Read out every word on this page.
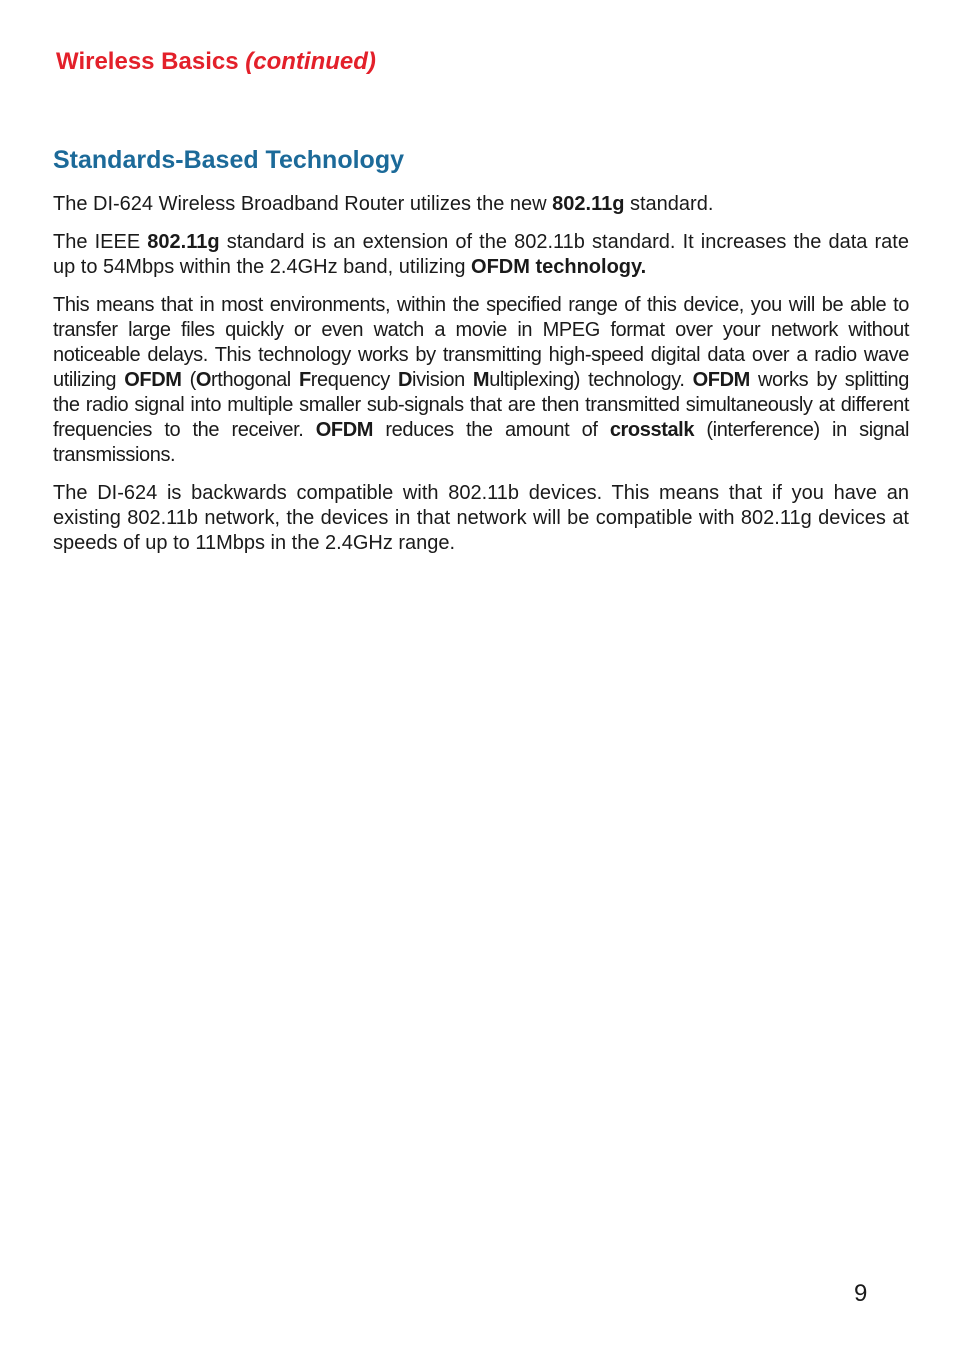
Wireless Basics (continued)
Standards-Based Technology

The DI-624 Wireless Broadband Router utilizes the new 802.11g standard.

The IEEE 802.11g standard is an extension of the 802.11b standard. It increases the data rate up to 54Mbps within the 2.4GHz band, utilizing OFDM technology.

This means that in most environments, within the specified range of this device, you will be able to transfer large files quickly or even watch a movie in MPEG format over your network without noticeable delays. This technology works by transmitting high-speed digital data over a radio wave utilizing OFDM (Orthogonal Frequency Division Multiplexing) technology. OFDM works by splitting the radio signal into multiple smaller sub-signals that are then transmitted simultaneously at different frequencies to the receiver. OFDM reduces the amount of crosstalk (interference) in signal transmissions.

The DI-624 is backwards compatible with 802.11b devices. This means that if you have an existing 802.11b network, the devices in that network will be compatible with 802.11g devices at speeds of up to 11Mbps in the 2.4GHz range.

9
